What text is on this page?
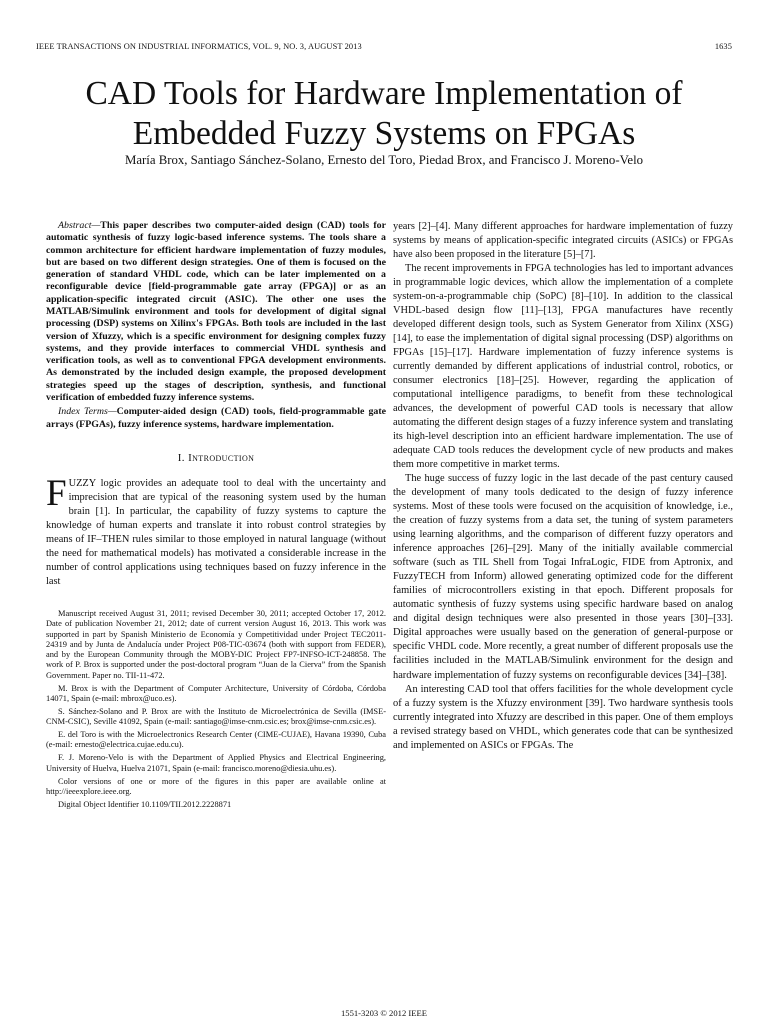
IEEE TRANSACTIONS ON INDUSTRIAL INFORMATICS, VOL. 9, NO. 3, AUGUST 2013	1635
CAD Tools for Hardware Implementation of
Embedded Fuzzy Systems on FPGAs
María Brox, Santiago Sánchez-Solano, Ernesto del Toro, Piedad Brox, and Francisco J. Moreno-Velo

Abstract—This paper describes two computer-aided design (CAD) tools for automatic synthesis of fuzzy logic-based inference systems. The tools share a common architecture for efficient hardware implementation of fuzzy modules, but are based on two different design strategies. One of them is focused on the generation of standard VHDL code, which can be later implemented on a reconfigurable device [field-programmable gate array (FPGA)] or as an application-specific integrated circuit (ASIC). The other one uses the MATLAB/Simulink environment and tools for development of digital signal processing (DSP) systems on Xilinx's FPGAs. Both tools are included in the last version of Xfuzzy, which is a specific environment for designing complex fuzzy systems, and they provide interfaces to commercial VHDL synthesis and verification tools, as well as to conventional FPGA development environments. As demonstrated by the included design example, the proposed development strategies speed up the stages of description, synthesis, and functional verification of embedded fuzzy inference systems.

Index Terms—Computer-aided design (CAD) tools, field-programmable gate arrays (FPGAs), fuzzy inference systems, hardware implementation.

I. Introduction

FUZZY logic provides an adequate tool to deal with the uncertainty and imprecision that are typical of the reasoning system used by the human brain [1]. In particular, the capability of fuzzy systems to capture the knowledge of human experts and translate it into robust control strategies by means of IF–THEN rules similar to those employed in natural language (without the need for mathematical models) has motivated a considerable increase in the number of control applications using techniques based on fuzzy inference in the last

Manuscript received August 31, 2011; revised December 30, 2011; accepted October 17, 2012. Date of publication November 21, 2012; date of current version August 16, 2013. This work was supported in part by Spanish Ministerio de Economía y Competitividad under Project TEC2011-24319 and by Junta de Andalucía under Project P08-TIC-03674 (both with support from FEDER), and by the European Community through the MOBY-DIC Project FP7-INFSO-ICT-248858. The work of P. Brox is supported under the post-doctoral program “Juan de la Cierva” from the Spanish Government. Paper no. TII-11-472.

M. Brox is with the Department of Computer Architecture, University of Córdoba, Córdoba 14071, Spain (e-mail: mbrox@uco.es).

S. Sánchez-Solano and P. Brox are with the Instituto de Microelectrónica de Sevilla (IMSE-CNM-CSIC), Seville 41092, Spain (e-mail: santiago@imse-cnm.csic.es; brox@imse-cnm.csic.es).

E. del Toro is with the Microelectronics Research Center (CIME-CUJAE), Havana 19390, Cuba (e-mail: ernesto@electrica.cujae.edu.cu).

F. J. Moreno-Velo is with the Department of Applied Physics and Electrical Engineering, University of Huelva, Huelva 21071, Spain (e-mail: francisco.moreno@diesia.uhu.es).

Color versions of one or more of the figures in this paper are available online at http://ieeexplore.ieee.org.

Digital Object Identifier 10.1109/TII.2012.2228871

years [2]–[4]. Many different approaches for hardware implementation of fuzzy systems by means of application-specific integrated circuits (ASICs) or FPGAs have also been proposed in the literature [5]–[7].

The recent improvements in FPGA technologies has led to important advances in programmable logic devices, which allow the implementation of a complete system-on-a-programmable chip (SoPC) [8]–[10]. In addition to the classical VHDL-based design flow [11]–[13], FPGA manufactures have recently developed different design tools, such as System Generator from Xilinx (XSG) [14], to ease the implementation of digital signal processing (DSP) algorithms on FPGAs [15]–[17]. Hardware implementation of fuzzy inference systems is currently demanded by different applications of industrial control, robotics, or consumer electronics [18]–[25]. However, regarding the application of computational intelligence paradigms, to benefit from these technological advances, the development of powerful CAD tools is necessary that allow automating the different design stages of a fuzzy inference system and translating its high-level description into an efficient hardware implementation. The use of adequate CAD tools reduces the development cycle of new products and makes them more competitive in market terms.

The huge success of fuzzy logic in the last decade of the past century caused the development of many tools dedicated to the design of fuzzy inference systems. Most of these tools were focused on the acquisition of knowledge, i.e., the creation of fuzzy systems from a data set, the tuning of system parameters using learning algorithms, and the comparison of different fuzzy operators and inference approaches [26]–[29]. Many of the initially available commercial software (such as TIL Shell from Togai InfraLogic, FIDE from Aptronix, and FuzzyTECH from Inform) allowed generating optimized code for the different families of microcontrollers existing in that epoch. Different proposals for automatic synthesis of fuzzy systems using specific hardware based on analog and digital design techniques were also presented in those years [30]–[33]. Digital approaches were usually based on the generation of general-purpose or specific VHDL code. More recently, a great number of different proposals use the facilities included in the MATLAB/Simulink environment for the design and hardware implementation of fuzzy systems on reconfigurable devices [34]–[38].

An interesting CAD tool that offers facilities for the whole development cycle of a fuzzy system is the Xfuzzy environment [39]. Two hardware synthesis tools currently integrated into Xfuzzy are described in this paper. One of them employs a revised strategy based on VHDL, which generates code that can be synthesized and implemented on ASICs or FPGAs. The

1551-3203 © 2012 IEEE
